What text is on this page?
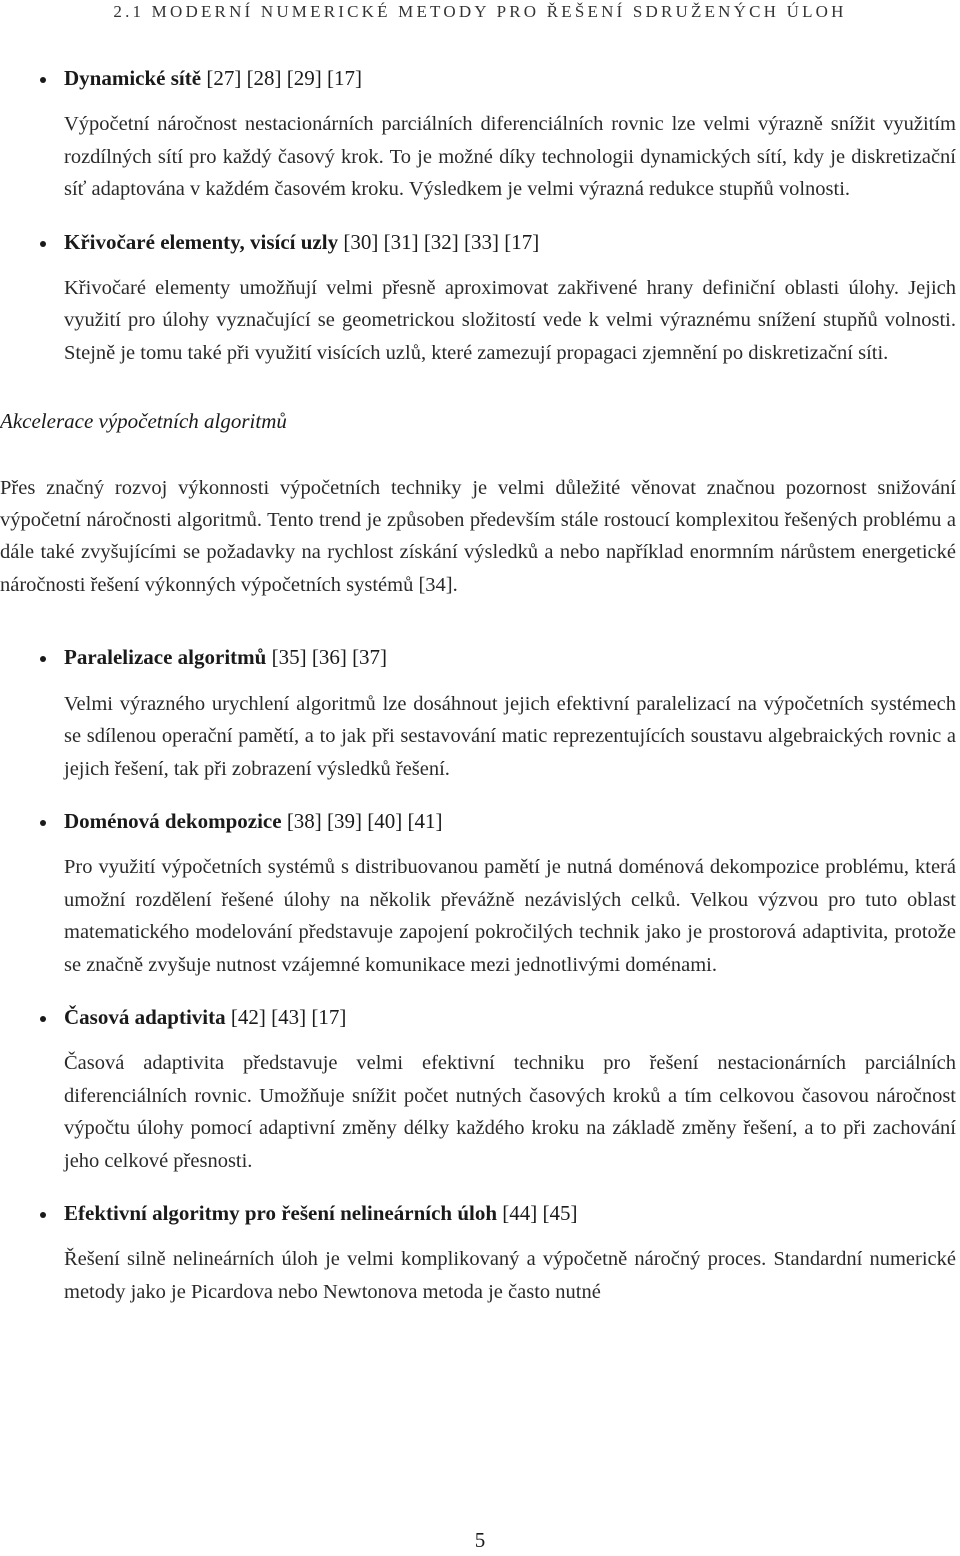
2.1 MODERNÍ NUMERICKÉ METODY PRO ŘEŠENÍ SDRUŽENÝCH ÚLOH
Dynamické sítě [27] [28] [29] [17]
Výpočetní náročnost nestacionárních parciálních diferenciálních rovnic lze velmi výrazně snížit využitím rozdílných sítí pro každý časový krok. To je možné díky technologii dynamických sítí, kdy je diskretizační síť adaptována v každém časovém kroku. Výsledkem je velmi výrazná redukce stupňů volnosti.
Křivočaré elementy, visící uzly [30] [31] [32] [33] [17]
Křivočaré elementy umožňují velmi přesně aproximovat zakřivené hrany definiční oblasti úlohy. Jejich využití pro úlohy vyznačující se geometrickou složitostí vede k velmi výraznému snížení stupňů volnosti. Stejně je tomu také při využití visících uzlů, které zamezují propagaci zjemnění po diskretizační síti.
Akcelerace výpočetních algoritmů
Přes značný rozvoj výkonnosti výpočetních techniky je velmi důležité věnovat značnou pozornost snižování výpočetní náročnosti algoritmů. Tento trend je způsoben především stále rostoucí komplexitou řešených problému a dále také zvyšujícími se požadavky na rychlost získání výsledků a nebo například enormním nárůstem energetické náročnosti řešení výkonných výpočetních systémů [34].
Paralelizace algoritmů [35] [36] [37]
Velmi výrazného urychlení algoritmů lze dosáhnout jejich efektivní paralelizací na výpočetních systémech se sdílenou operační pamětí, a to jak při sestavování matic reprezentujících soustavu algebraických rovnic a jejich řešení, tak při zobrazení výsledků řešení.
Doménová dekompozice [38] [39] [40] [41]
Pro využití výpočetních systémů s distribuovanou pamětí je nutná doménová dekompozice problému, která umožní rozdělení řešené úlohy na několik převážně nezávislých celků. Velkou výzvou pro tuto oblast matematického modelování představuje zapojení pokročilých technik jako je prostorová adaptivita, protože se značně zvyšuje nutnost vzájemné komunikace mezi jednotlivými doménami.
Časová adaptivita [42] [43] [17]
Časová adaptivita představuje velmi efektivní techniku pro řešení nestacionárních parciálních diferenciálních rovnic. Umožňuje snížit počet nutných časových kroků a tím celkovou časovou náročnost výpočtu úlohy pomocí adaptivní změny délky každého kroku na základě změny řešení, a to při zachování jeho celkové přesnosti.
Efektivní algoritmy pro řešení nelineárních úloh [44] [45]
Řešení silně nelineárních úloh je velmi komplikovaný a výpočetně náročný proces. Standardní numerické metody jako je Picardova nebo Newtonova metoda je často nutné
5
